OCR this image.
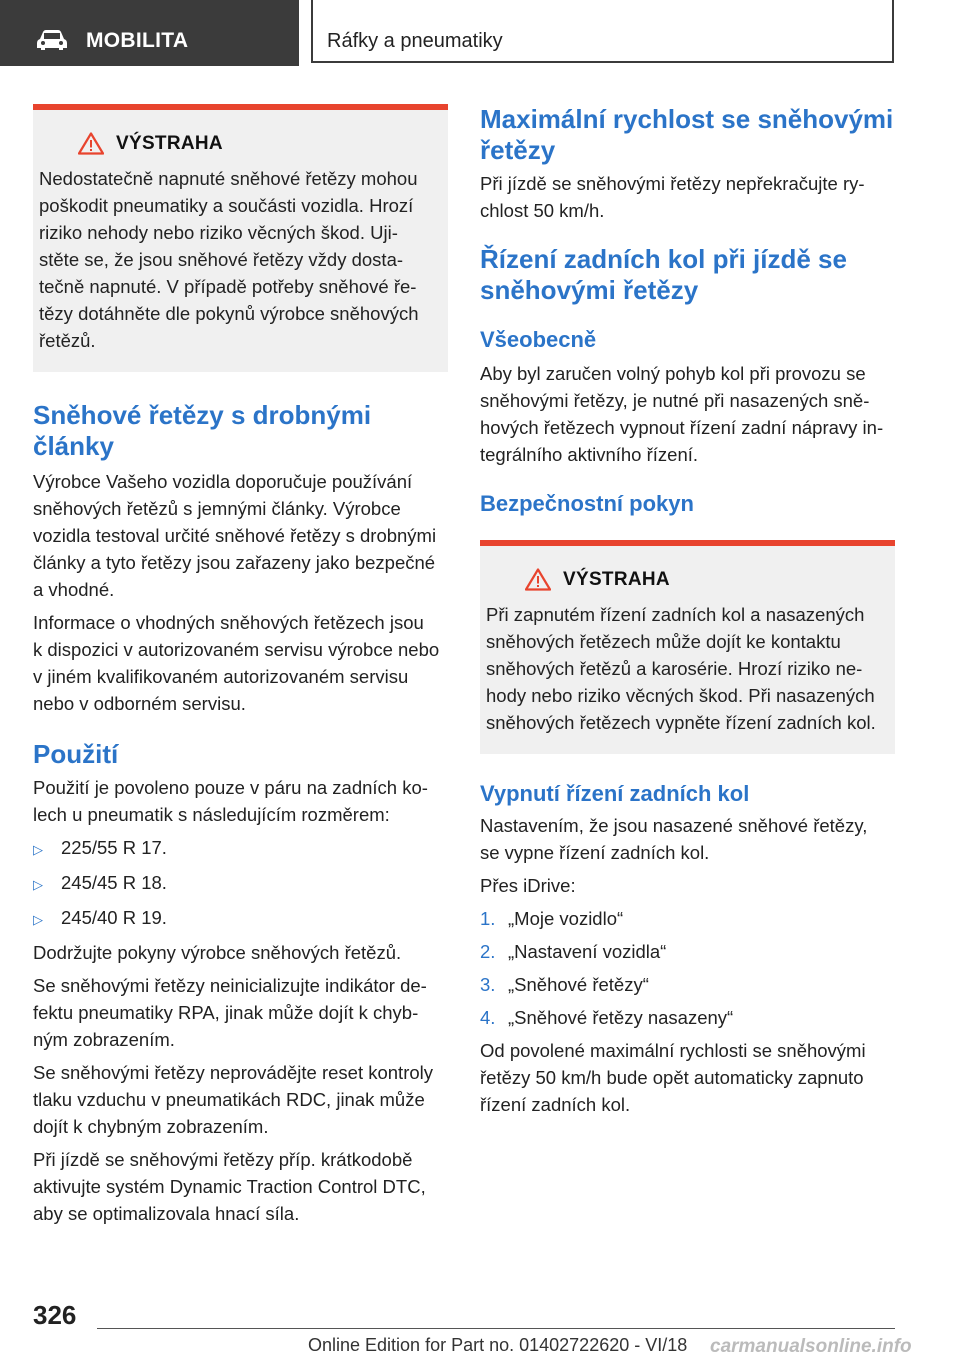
MOBILITA	Ráfky a pneumatiky
VÝSTRAHA
Nedostatečně napnuté sněhové řetězy mohou
poškodit pneumatiky a součásti vozidla. Hrozí
riziko nehody nebo riziko věcných škod. Uji-
stěte se, že jsou sněhové řetězy vždy dosta-
tečně napnuté. V případě potřeby sněhové ře-
tězy dotáhněte dle pokynů výrobce sněhových
řetězů.
Sněhové řetězy s drobnými
články

Výrobce Vašeho vozidla doporučuje používání
sněhových řetězů s jemnými články. Výrobce
vozidla testoval určité sněhové řetězy s drobnými
články a tyto řetězy jsou zařazeny jako bezpečné
a vhodné.

Informace o vhodných sněhových řetězech jsou
k dispozici v autorizovaném servisu výrobce nebo
v jiném kvalifikovaném autorizovaném servisu
nebo v odborném servisu.

Použití

Použití je povoleno pouze v páru na zadních ko-
lech u pneumatik s následujícím rozměrem:

▷ 225/55 R 17.
▷ 245/45 R 18.
▷ 245/40 R 19.

Dodržujte pokyny výrobce sněhových řetězů.

Se sněhovými řetězy neinicializujte indikátor de-
fektu pneumatiky RPA, jinak může dojít k chyb-
ným zobrazením.

Se sněhovými řetězy neprovádějte reset kontroly
tlaku vzduchu v pneumatikách RDC, jinak může
dojít k chybným zobrazením.

Při jízdě se sněhovými řetězy příp. krátkodobě
aktivujte systém Dynamic Traction Control DTC,
aby se optimalizovala hnací síla.

Maximální rychlost se sněhovými
řetězy

Při jízdě se sněhovými řetězy nepřekračujte ry-
chlost 50 km/h.

Řízení zadních kol při jízdě se
sněhovými řetězy
Všeobecně

Aby byl zaručen volný pohyb kol při provozu se
sněhovými řetězy, je nutné při nasazených sně-
hových řetězech vypnout řízení zadní nápravy in-
tegrálního aktivního řízení.

Bezpečnostní pokyn
VÝSTRAHA
Při zapnutém řízení zadních kol a nasazených
sněhových řetězech může dojít ke kontaktu
sněhových řetězů a karosérie. Hrozí riziko ne-
hody nebo riziko věcných škod. Při nasazených
sněhových řetězech vypněte řízení zadních kol.
Vypnutí řízení zadních kol

Nastavením, že jsou nasazené sněhové řetězy,
se vypne řízení zadních kol.

Přes iDrive:

1. „Moje vozidlo“
2. „Nastavení vozidla“
3. „Sněhové řetězy“
4. „Sněhové řetězy nasazeny“

Od povolené maximální rychlosti se sněhovými
řetězy 50 km/h bude opět automaticky zapnuto
řízení zadních kol.

326
Online Edition for Part no. 01402722620 - VI/18 carmanualsonline.info
